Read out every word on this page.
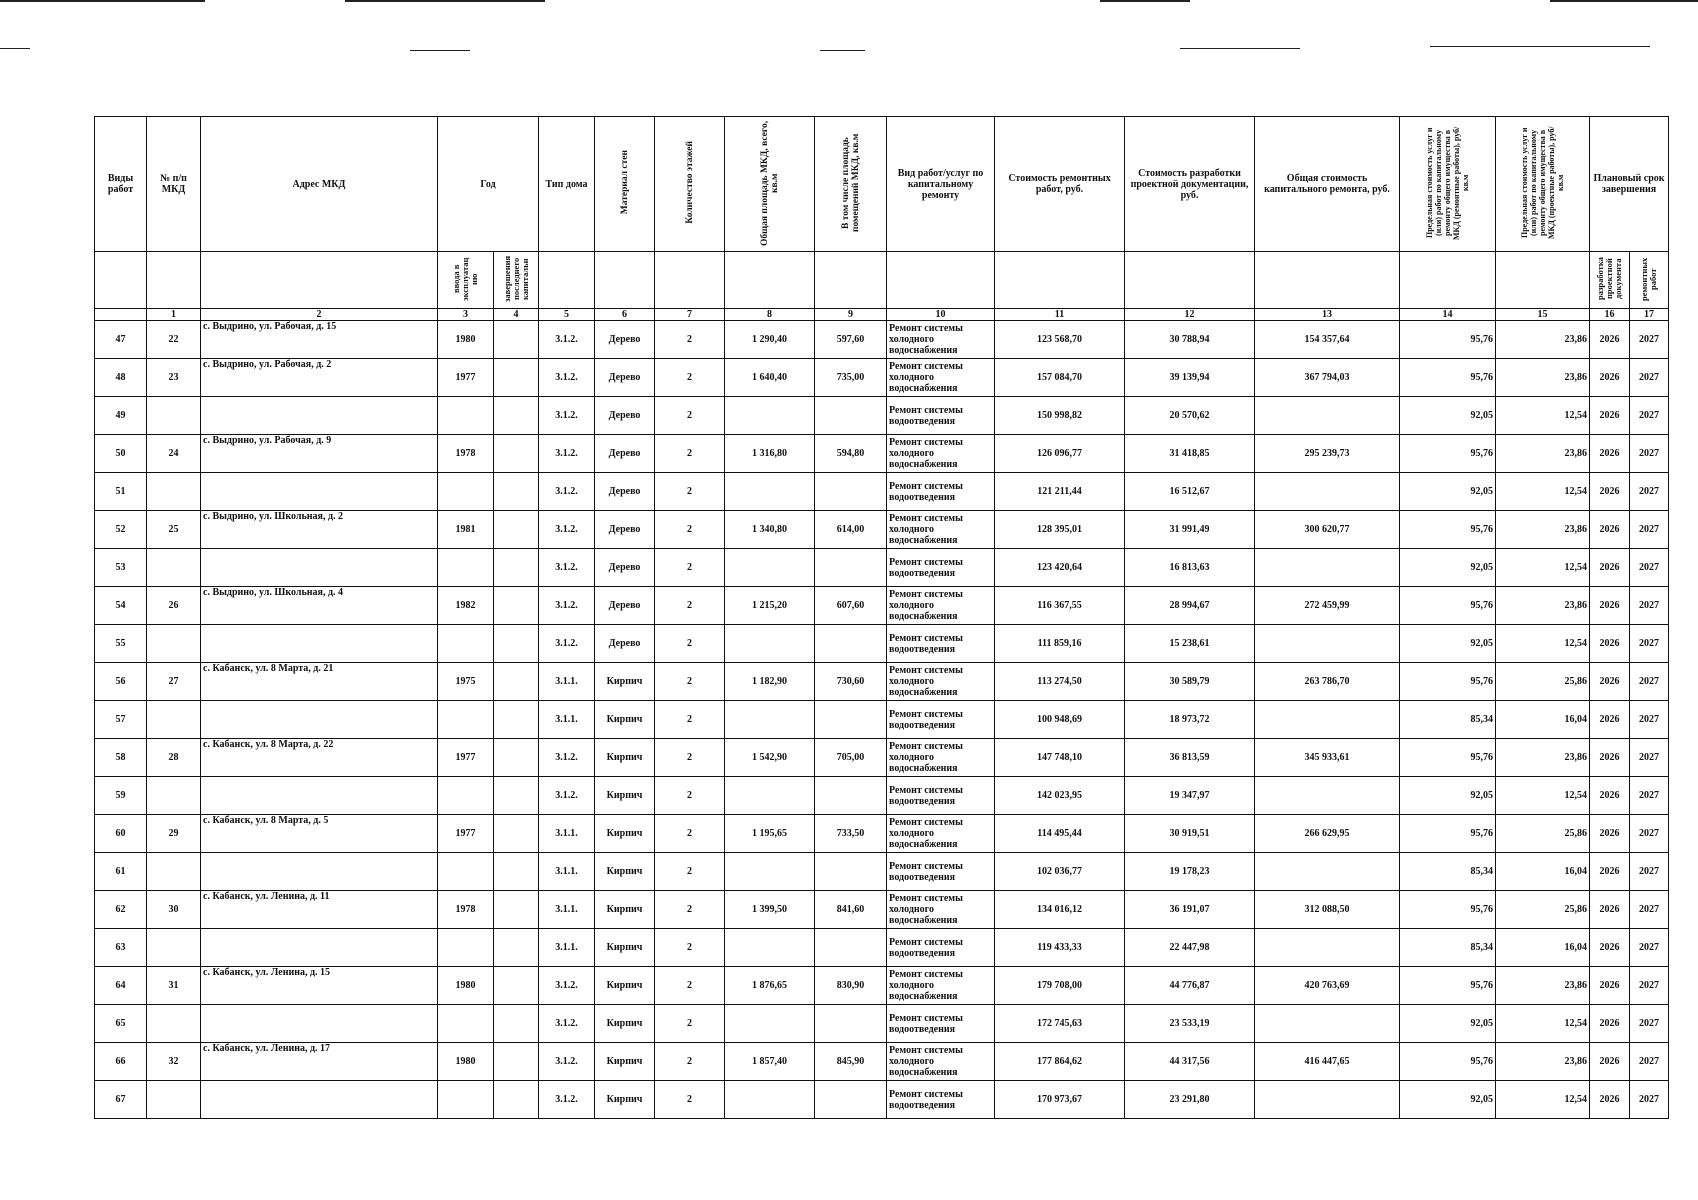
Виды работ	№ п/п МКД	Адрес МКД	Год		Тип дома	Материал стен	Количество этажей	Общая площадь МКД, всего, кв.м	В том числе площадь помещений МКД, кв.м	Вид работ/услуг по капитальному ремонту	Стоимость ремонтных работ, руб.	Стоимость разработки проектной документации, руб.	Общая стоимость капитального ремонта, руб.	Предельная стоимость услуг и (или) работ по капитальному ремонту общего имущества в МКД (ремонтные работы), руб/кв.м	Предельная стоимость услуг и (или) работ по капитальному ремонту общего имущества в МКД (проектные работы), руб/кв.м	Плановый срок завершения	
			ввода в эксплуатац ию	завершения последнего капитальн												разработка проектной документа	ремонтных работ
	1	2	3	4	5	6	7	8	9	10	11	12	13	14	15	16	17
47	22	с. Выдрино, ул. Рабочая, д. 15	1980		3.1.2.	Дерево	2	1 290,40	597,60	Ремонт системы холодного водоснабжения	123 568,70	30 788,94	154 357,64	95,76	23,86	2026	2027
48	23	с. Выдрино, ул. Рабочая, д. 2	1977		3.1.2.	Дерево	2	1 640,40	735,00	Ремонт системы холодного водоснабжения	157 084,70	39 139,94	367 794,03	95,76	23,86	2026	2027
49					3.1.2.	Дерево	2			Ремонт системы водоотведения	150 998,82	20 570,62		92,05	12,54	2026	2027
50	24	с. Выдрино, ул. Рабочая, д. 9	1978		3.1.2.	Дерево	2	1 316,80	594,80	Ремонт системы холодного водоснабжения	126 096,77	31 418,85	295 239,73	95,76	23,86	2026	2027
51					3.1.2.	Дерево	2			Ремонт системы водоотведения	121 211,44	16 512,67		92,05	12,54	2026	2027
52	25	с. Выдрино, ул. Школьная, д. 2	1981		3.1.2.	Дерево	2	1 340,80	614,00	Ремонт системы холодного водоснабжения	128 395,01	31 991,49	300 620,77	95,76	23,86	2026	2027
53					3.1.2.	Дерево	2			Ремонт системы водоотведения	123 420,64	16 813,63		92,05	12,54	2026	2027
54	26	с. Выдрино, ул. Школьная, д. 4	1982		3.1.2.	Дерево	2	1 215,20	607,60	Ремонт системы холодного водоснабжения	116 367,55	28 994,67	272 459,99	95,76	23,86	2026	2027
55					3.1.2.	Дерево	2			Ремонт системы водоотведения	111 859,16	15 238,61		92,05	12,54	2026	2027
56	27	с. Кабанск, ул. 8 Марта, д. 21	1975		3.1.1.	Кирпич	2	1 182,90	730,60	Ремонт системы холодного водоснабжения	113 274,50	30 589,79	263 786,70	95,76	25,86	2026	2027
57					3.1.1.	Кирпич	2			Ремонт системы водоотведения	100 948,69	18 973,72		85,34	16,04	2026	2027
58	28	с. Кабанск, ул. 8 Марта, д. 22	1977		3.1.2.	Кирпич	2	1 542,90	705,00	Ремонт системы холодного водоснабжения	147 748,10	36 813,59	345 933,61	95,76	23,86	2026	2027
59					3.1.2.	Кирпич	2			Ремонт системы водоотведения	142 023,95	19 347,97		92,05	12,54	2026	2027
60	29	с. Кабанск, ул. 8 Марта, д. 5	1977		3.1.1.	Кирпич	2	1 195,65	733,50	Ремонт системы холодного водоснабжения	114 495,44	30 919,51	266 629,95	95,76	25,86	2026	2027
61					3.1.1.	Кирпич	2			Ремонт системы водоотведения	102 036,77	19 178,23		85,34	16,04	2026	2027
62	30	с. Кабанск, ул. Ленина, д. 11	1978		3.1.1.	Кирпич	2	1 399,50	841,60	Ремонт системы холодного водоснабжения	134 016,12	36 191,07	312 088,50	95,76	25,86	2026	2027
63					3.1.1.	Кирпич	2			Ремонт системы водоотведения	119 433,33	22 447,98		85,34	16,04	2026	2027
64	31	с. Кабанск, ул. Ленина, д. 15	1980		3.1.2.	Кирпич	2	1 876,65	830,90	Ремонт системы холодного водоснабжения	179 708,00	44 776,87	420 763,69	95,76	23,86	2026	2027
65					3.1.2.	Кирпич	2			Ремонт системы водоотведения	172 745,63	23 533,19		92,05	12,54	2026	2027
66	32	с. Кабанск, ул. Ленина, д. 17	1980		3.1.2.	Кирпич	2	1 857,40	845,90	Ремонт системы холодного водоснабжения	177 864,62	44 317,56	416 447,65	95,76	23,86	2026	2027
67					3.1.2.	Кирпич	2			Ремонт системы водоотведения	170 973,67	23 291,80		92,05	12,54	2026	2027
